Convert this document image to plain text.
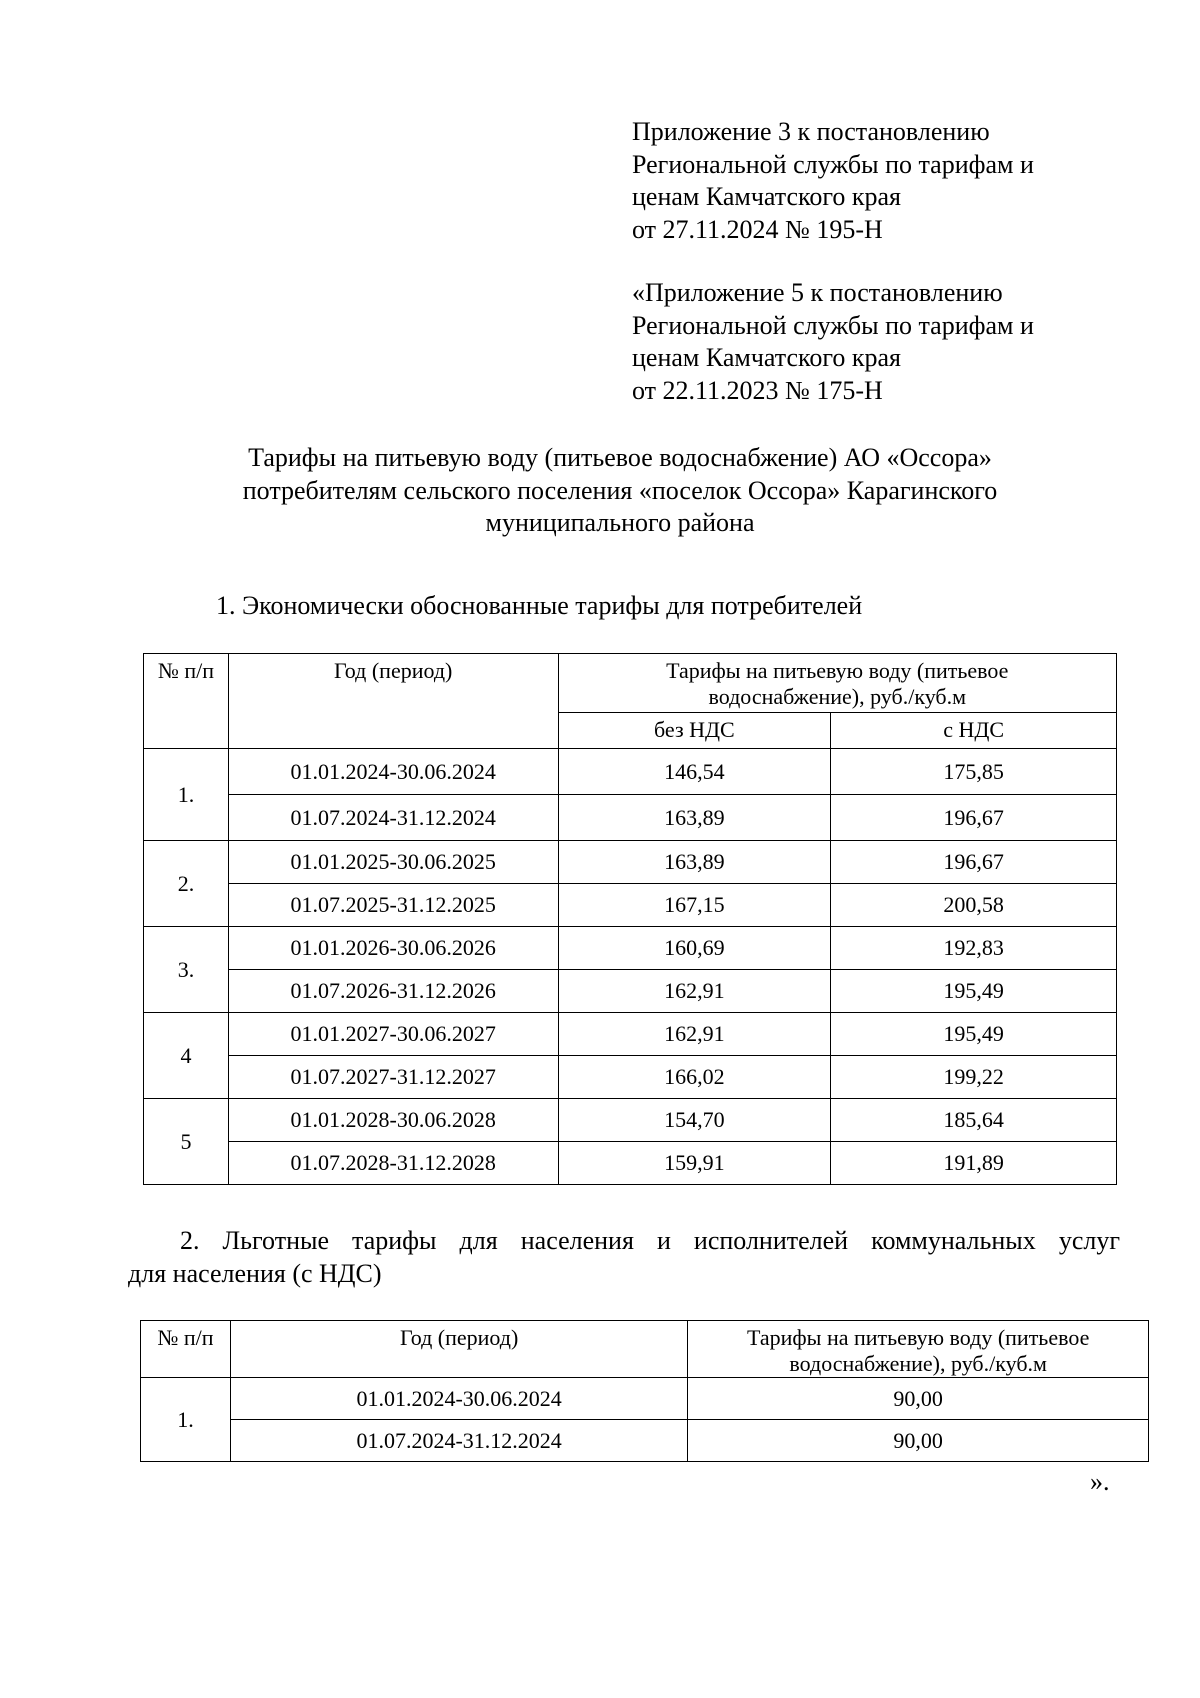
Приложение 3 к постановлению

Региональной службы по тарифам и

ценам Камчатского края

от 27.11.2024 № 195-Н

«Приложение 5 к постановлению

Региональной службы по тарифам и

ценам Камчатского края

от 22.11.2023 № 175-Н

Тарифы на питьевую воду (питьевое водоснабжение) АО «Оссора»

потребителям сельского поселения «поселок Оссора» Карагинского

муниципального района

1. Экономически обоснованные тарифы для потребителей
№ п/п	Год (период)	Тарифы на питьевую воду (питьевое водоснабжение), руб./куб.м	
		без НДС	с НДС
1.	01.01.2024-30.06.2024	146,54	175,85
	01.07.2024-31.12.2024	163,89	196,67
2.	01.01.2025-30.06.2025	163,89	196,67
	01.07.2025-31.12.2025	167,15	200,58
3.	01.01.2026-30.06.2026	160,69	192,83
	01.07.2026-31.12.2026	162,91	195,49
4	01.01.2027-30.06.2027	162,91	195,49
	01.07.2027-31.12.2027	166,02	199,22
5	01.01.2028-30.06.2028	154,70	185,64
	01.07.2028-31.12.2028	159,91	191,89
2. Льготные тарифы для населения и исполнителей коммунальных услуг
для населения (с НДС)
№ п/п	Год (период)	Тарифы на питьевую воду (питьевое водоснабжение), руб./куб.м
1.	01.01.2024-30.06.2024	90,00
	01.07.2024-31.12.2024	90,00
».
